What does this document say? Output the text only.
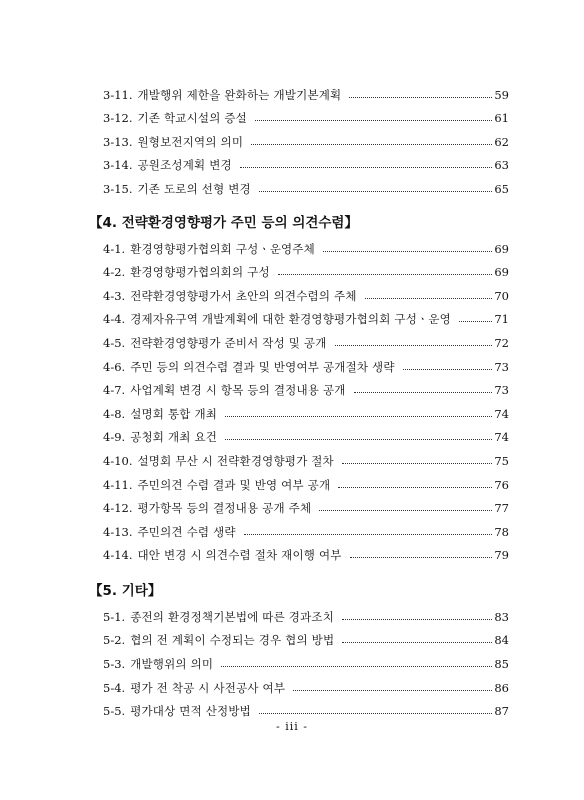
3-11. 개발행위 제한을 완화하는 개발기본계획	59
3-12. 기존 학교시설의 증설	61
3-13. 원형보전지역의 의미	62
3-14. 공원조성계획 변경	63
3-15. 기존 도로의 선형 변경	65
【 4. 전략환경영향평가 주민 등의 의견수렴 】
4-1. 환경영향평가협의회 구성ㆍ운영주체	69
4-2. 환경영향평가협의회의 구성	69
4-3. 전략환경영향평가서 초안의 의견수렴의 주체	70
4-4. 경제자유구역 개발계획에 대한 환경영향평가협의회 구성ㆍ운영	71
4-5. 전략환경영향평가 준비서 작성 및 공개	72
4-6. 주민 등의 의견수렴 결과 및 반영여부 공개절차 생략	73
4-7. 사업계획 변경 시 항목 등의 결정내용 공개	73
4-8. 설명회 통합 개최	74
4-9. 공청회 개최 요건	74
4-10. 설명회 무산 시 전략환경영향평가 절차	75
4-11. 주민의견 수렴 결과 및 반영 여부 공개	76
4-12. 평가항목 등의 결정내용 공개 주체	77
4-13. 주민의견 수렴 생략	78
4-14. 대안 변경 시 의견수렴 절차 재이행 여부	79
【 5. 기타 】
5-1. 종전의 환경정책기본법에 따른 경과조치	83
5-2. 협의 전 계획이 수정되는 경우 협의 방법	84
5-3. 개발행위의 의미	85
5-4. 평가 전 착공 시 사전공사 여부	86
5-5. 평가대상 면적 산정방법	87
- iii -
